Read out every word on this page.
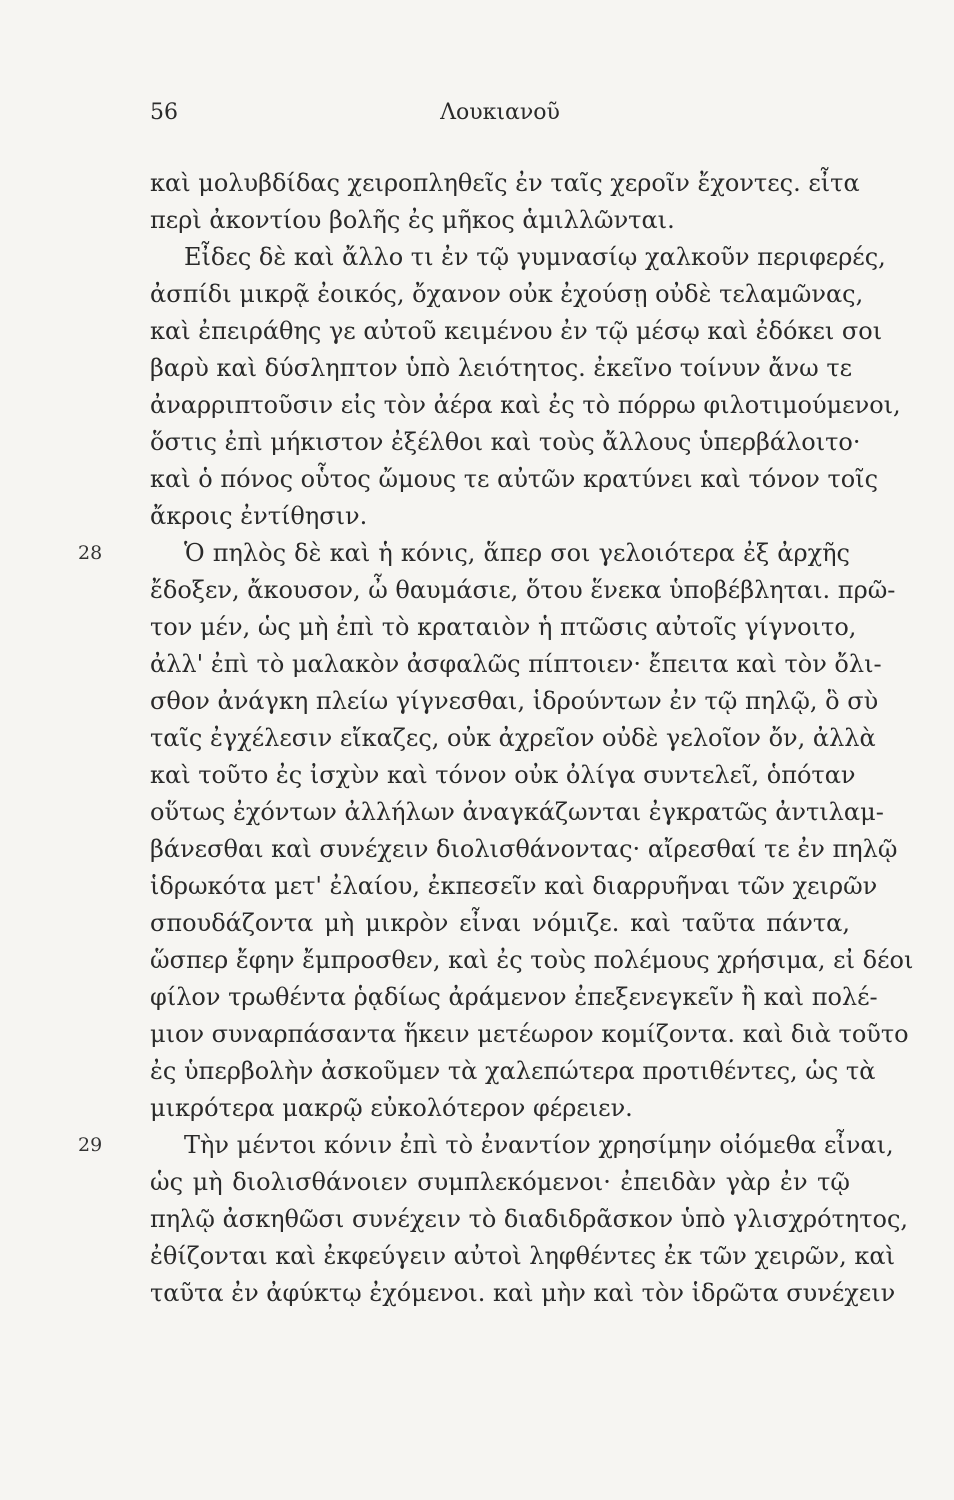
56	Λουκιανοῦ
καὶ μολυβδίδας χειροπληθεῖς ἐν ταῖς χεροῖν ἔχοντες. εἶτα
περὶ ἀκοντίου βολῆς ἐς μῆκος ἁμιλλῶνται.
Εἶδες δὲ καὶ ἄλλο τι ἐν τῷ γυμνασίῳ χαλκοῦν περιφερές,
ἀσπίδι μικρᾷ ἐοικός, ὄχανον οὐκ ἐχούσῃ οὐδὲ τελαμῶνας,
καὶ ἐπειράθης γε αὐτοῦ κειμένου ἐν τῷ μέσῳ καὶ ἐδόκει σοι
βαρὺ καὶ δύσληπτον ὑπὸ λειότητος. ἐκεῖνο τοίνυν ἄνω τε
ἀναρριπτοῦσιν εἰς τὸν ἀέρα καὶ ἐς τὸ πόρρω φιλοτιμούμενοι,
ὅστις ἐπὶ μήκιστον ἐξέλθοι καὶ τοὺς ἄλλους ὑπερβάλοιτο·
καὶ ὁ πόνος οὗτος ὤμους τε αὐτῶν κρατύνει καὶ τόνον τοῖς
ἄκροις ἐντίθησιν.
28	Ὁ πηλὸς δὲ καὶ ἡ κόνις, ἅπερ σοι γελοιότερα ἐξ ἀρχῆς
ἔδοξεν, ἄκουσον, ὦ θαυμάσιε, ὅτου ἕνεκα ὑποβέβληται. πρῶ-
τον μέν, ὡς μὴ ἐπὶ τὸ κραταιὸν ἡ πτῶσις αὐτοῖς γίγνοιτο,
ἀλλ' ἐπὶ τὸ μαλακὸν ἀσφαλῶς πίπτοιεν· ἔπειτα καὶ τὸν ὄλι-
σθον ἀνάγκη πλείω γίγνεσθαι, ἱδρούντων ἐν τῷ πηλῷ, ὃ σὺ
ταῖς ἐγχέλεσιν εἴκαζες, οὐκ ἀχρεῖον οὐδὲ γελοῖον ὄν, ἀλλὰ
καὶ τοῦτο ἐς ἰσχὺν καὶ τόνον οὐκ ὀλίγα συντελεῖ, ὁπόταν
οὕτως ἐχόντων ἀλλήλων ἀναγκάζωνται ἐγκρατῶς ἀντιλαμ-
βάνεσθαι καὶ συνέχειν διολισθάνοντας· αἴρεσθαί τε ἐν πηλῷ
ἱδρωκότα μετ' ἐλαίου, ἐκπεσεῖν καὶ διαρρυῆναι τῶν χειρῶν
σπουδάζοντα μὴ μικρὸν εἶναι νόμιζε. καὶ ταῦτα πάντα,
ὥσπερ ἔφην ἔμπροσθεν, καὶ ἐς τοὺς πολέμους χρήσιμα, εἰ δέοι
φίλον τρωθέντα ῥᾳδίως ἀράμενον ἐπεξενεγκεῖν ἢ καὶ πολέ-
μιον συναρπάσαντα ἥκειν μετέωρον κομίζοντα. καὶ διὰ τοῦτο
ἐς ὑπερβολὴν ἀσκοῦμεν τὰ χαλεπώτερα προτιθέντες, ὡς τὰ
μικρότερα μακρῷ εὐκολότερον φέρειεν.
29	Τὴν μέντοι κόνιν ἐπὶ τὸ ἐναντίον χρησίμην οἰόμεθα εἶναι,
ὡς μὴ διολισθάνοιεν συμπλεκόμενοι· ἐπειδὰν γὰρ ἐν τῷ
πηλῷ ἀσκηθῶσι συνέχειν τὸ διαδιδρᾶσκον ὑπὸ γλισχρότητος,
ἐθίζονται καὶ ἐκφεύγειν αὐτοὶ ληφθέντες ἐκ τῶν χειρῶν, καὶ
ταῦτα ἐν ἀφύκτῳ ἐχόμενοι. καὶ μὴν καὶ τὸν ἱδρῶτα συνέχειν
